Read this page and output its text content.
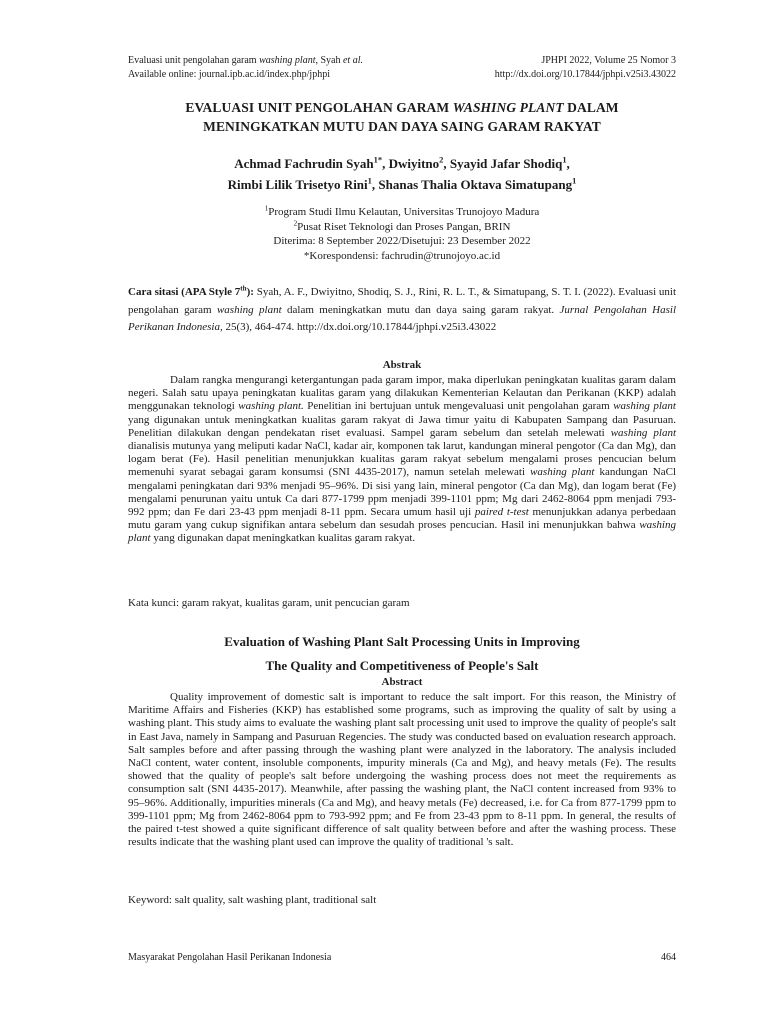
Evaluasi unit pengolahan garam washing plant, Syah et al.
Available online: journal.ipb.ac.id/index.php/jphpi
JPHPI 2022, Volume 25 Nomor 3
http://dx.doi.org/10.17844/jphpi.v25i3.43022
EVALUASI UNIT PENGOLAHAN GARAM WASHING PLANT DALAM
MENINGKATKAN MUTU DAN DAYA SAING GARAM RAKYAT
Achmad Fachrudin Syah$^{1*}$, Dwiyitno$^2$, Syayid Jafar Shodiq$^1$,
Rimbi Lilik Trisetyo Rini$^1$, Shanas Thalia Oktava Simatupang$^1$
$^1$Program Studi Ilmu Kelautan, Universitas Trunojoyo Madura
$^2$Pusat Riset Teknologi dan Proses Pangan, BRIN
Diterima: 8 September 2022/Disetujui: 23 Desember 2022
*Korespondensi: fachrudin@trunojoyo.ac.id
Cara sitasi (APA Style 7th): Syah, A. F., Dwiyitno, Shodiq, S. J., Rini, R. L. T., & Simatupang, S. T. I. (2022). Evaluasi unit pengolahan garam washing plant dalam meningkatkan mutu dan daya saing garam rakyat. Jurnal Pengolahan Hasil Perikanan Indonesia, 25(3), 464-474. http://dx.doi.org/10.17844/jphpi.v25i3.43022
Abstrak

Dalam rangka mengurangi ketergantungan pada garam impor, maka diperlukan peningkatan kualitas garam dalam negeri. Salah satu upaya peningkatan kualitas garam yang dilakukan Kementerian Kelautan dan Perikanan (KKP) adalah menggunakan teknologi washing plant. Penelitian ini bertujuan untuk mengevaluasi unit pengolahan garam washing plant yang digunakan untuk meningkatkan kualitas garam rakyat di Jawa timur yaitu di Kabupaten Sampang dan Pasuruan. Penelitian dilakukan dengan pendekatan riset evaluasi. Sampel garam sebelum dan setelah melewati washing plant dianalisis mutunya yang meliputi kadar NaCl, kadar air, komponen tak larut, kandungan mineral pengotor (Ca dan Mg), dan logam berat (Fe). Hasil penelitian menunjukkan kualitas garam rakyat sebelum mengalami proses pencucian belum memenuhi syarat sebagai garam konsumsi (SNI 4435-2017), namun setelah melewati washing plant kandungan NaCl mengalami peningkatan dari 93% menjadi 95–96%. Di sisi yang lain, mineral pengotor (Ca dan Mg), dan logam berat (Fe) mengalami penurunan yaitu untuk Ca dari 877-1799 ppm menjadi 399-1101 ppm; Mg dari 2462-8064 ppm menjadi 793-992 ppm; dan Fe dari 23-43 ppm menjadi 8-11 ppm. Secara umum hasil uji paired t-test menunjukkan adanya perbedaan mutu garam yang cukup signifikan antara sebelum dan sesudah proses pencucian. Hasil ini menunjukkan bahwa washing plant yang digunakan dapat meningkatkan kualitas garam rakyat.

Kata kunci: garam rakyat, kualitas garam, unit pencucian garam
Evaluation of Washing Plant Salt Processing Units in Improving
The Quality and Competitiveness of People's Salt
Abstract

Quality improvement of domestic salt is important to reduce the salt import. For this reason, the Ministry of Maritime Affairs and Fisheries (KKP) has established some programs, such as improving the quality of salt by using a washing plant. This study aims to evaluate the washing plant salt processing unit used to improve the quality of people's salt in East Java, namely in Sampang and Pasuruan Regencies. The study was conducted based on evaluation research approach. Salt samples before and after passing through the washing plant were analyzed in the laboratory. The analysis included NaCl content, water content, insoluble components, impurity minerals (Ca and Mg), and heavy metals (Fe). The results showed that the quality of people's salt before undergoing the washing process does not meet the requirements as consumption salt (SNI 4435-2017). Meanwhile, after passing the washing plant, the NaCl content increased from 93% to 95–96%. Additionally, impurities minerals (Ca and Mg), and heavy metals (Fe) decreased, i.e. for Ca from 877-1799 ppm to 399-1101 ppm; Mg from 2462-8064 ppm to 793-992 ppm; and Fe from 23-43 ppm to 8-11 ppm. In general, the results of the paired t-test showed a quite significant difference of salt quality between before and after the washing process. These results indicate that the washing plant used can improve the quality of traditional 's salt.

Keyword: salt quality, salt washing plant, traditional salt
Masyarakat Pengolahan Hasil Perikanan Indonesia	464
